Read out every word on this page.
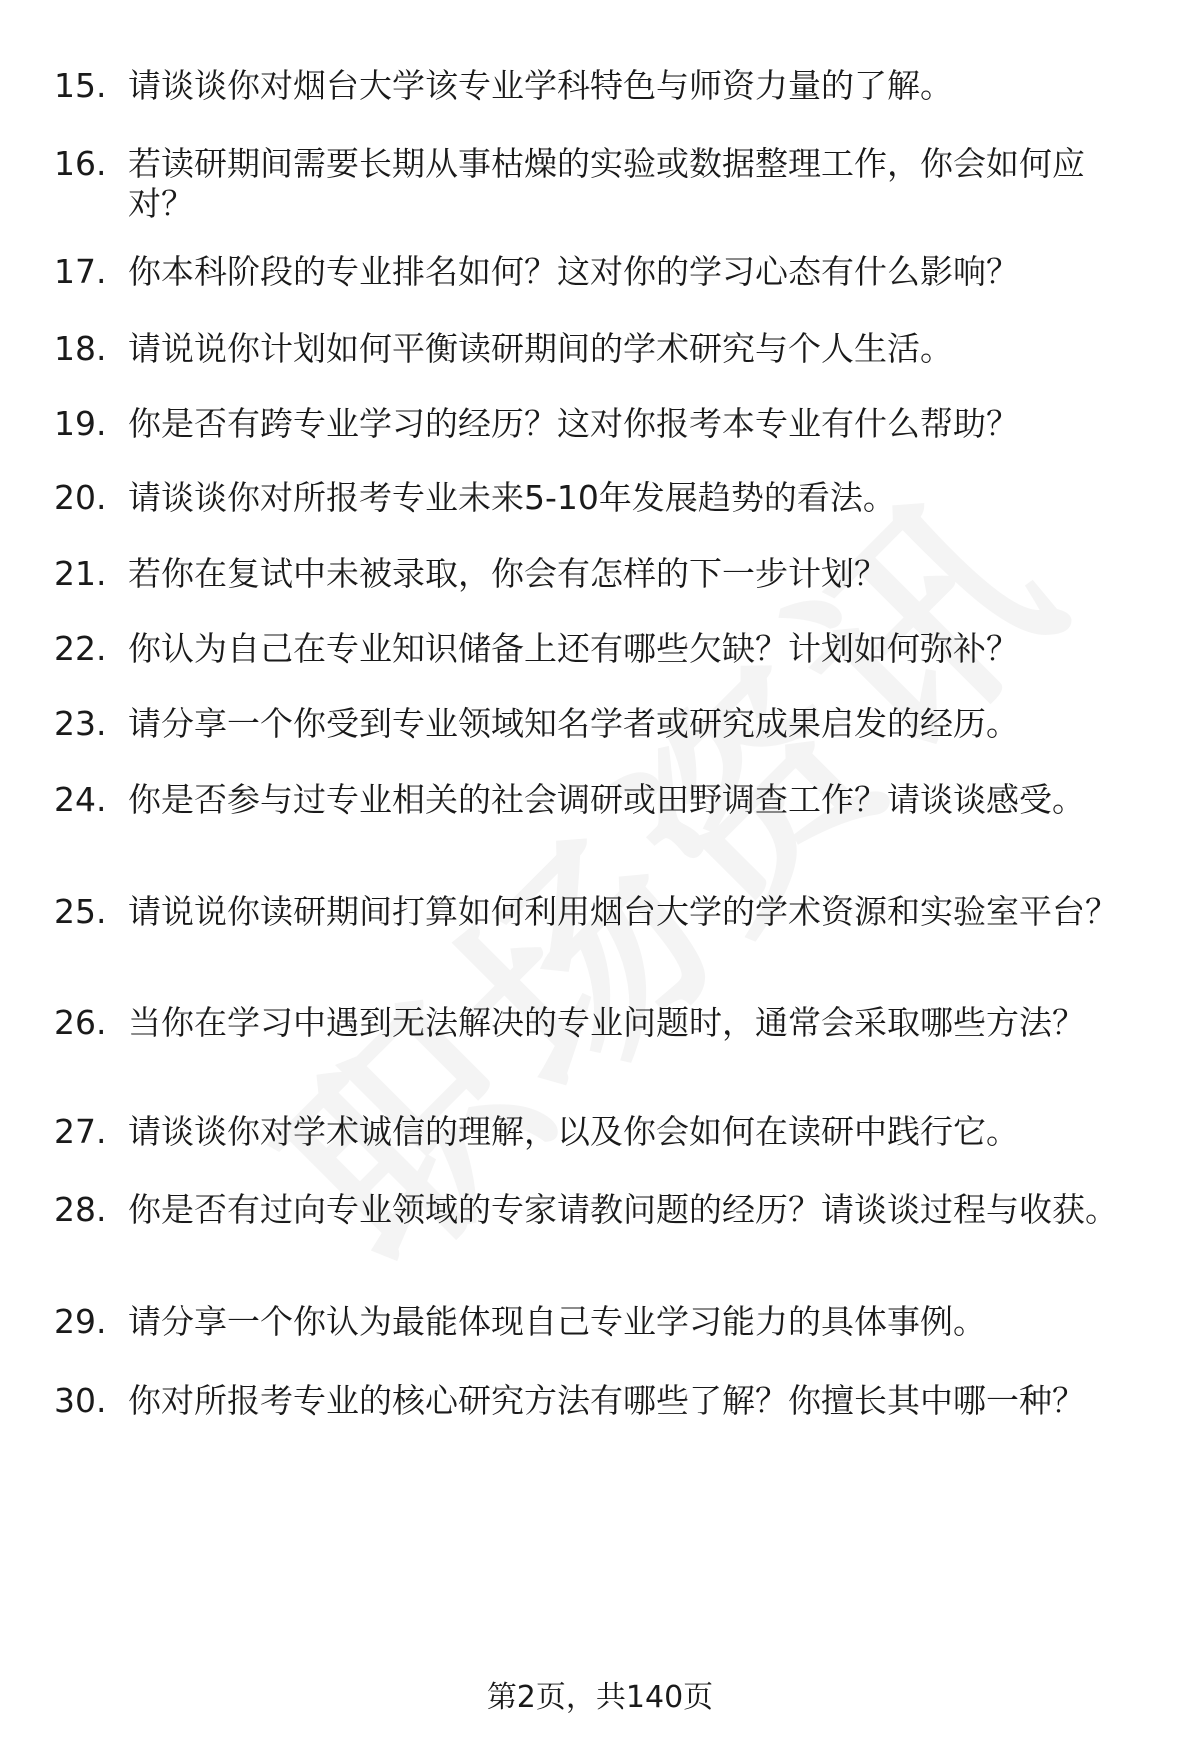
15. 请谈谈你对烟台大学该专业学科特色与师资力量的了解。
16. 若读研期间需要长期从事枯燥的实验或数据整理工作，你会如何应对？
17. 你本科阶段的专业排名如何？这对你的学习心态有什么影响？
18. 请说说你计划如何平衡读研期间的学术研究与个人生活。
19. 你是否有跨专业学习的经历？这对你报考本专业有什么帮助？
20. 请谈谈你对所报考专业未来5-10年发展趋势的看法。
21. 若你在复试中未被录取，你会有怎样的下一步计划？
22. 你认为自己在专业知识储备上还有哪些欠缺？计划如何弥补？
23. 请分享一个你受到专业领域知名学者或研究成果启发的经历。
24. 你是否参与过专业相关的社会调研或田野调查工作？请谈谈感受。
25. 请说说你读研期间打算如何利用烟台大学的学术资源和实验室平台？
26. 当你在学习中遇到无法解决的专业问题时，通常会采取哪些方法？
27. 请谈谈你对学术诚信的理解，以及你会如何在读研中践行它。
28. 你是否有过向专业领域的专家请教问题的经历？请谈谈过程与收获。
29. 请分享一个你认为最能体现自己专业学习能力的具体事例。
30. 你对所报考专业的核心研究方法有哪些了解？你擅长其中哪一种？
第2页，共140页
